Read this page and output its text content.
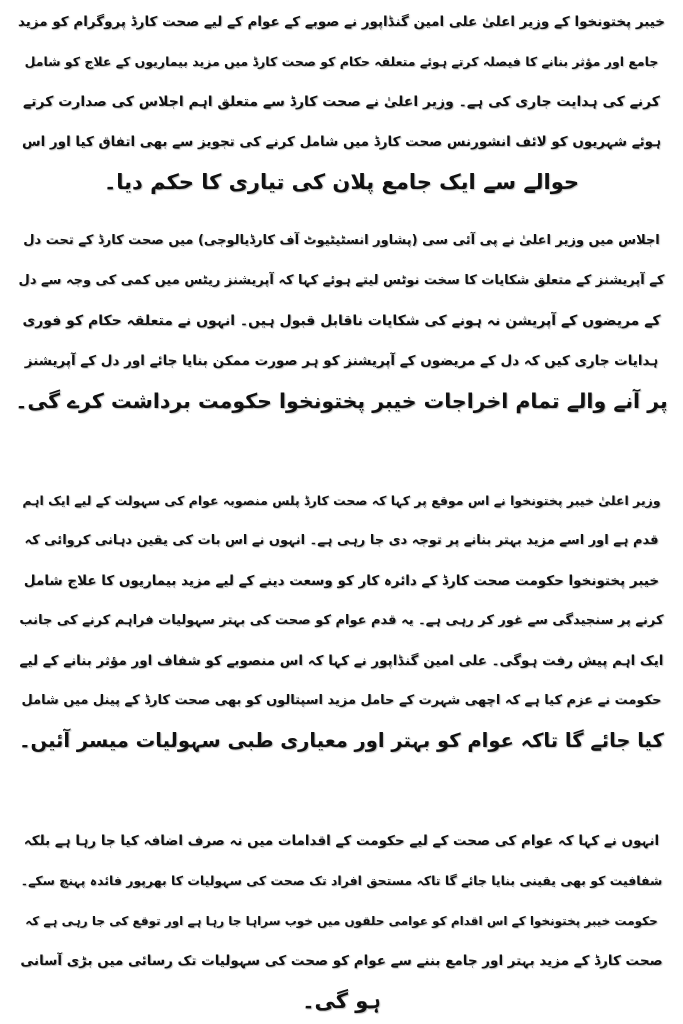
خیبر پختونخوا کے وزیر اعلیٰ علی امین گنڈاپور نے صوبے کے عوام کے لیے صحت کارڈ پروگرام کو مزید
جامع اور مؤثر بنانے کا فیصلہ کرتے ہوئے متعلقہ حکام کو صحت کارڈ میں مزید بیماریوں کے علاج کو شامل
کرنے کی ہدایت جاری کی ہے۔ وزیر اعلیٰ نے صحت کارڈ سے متعلق اہم اجلاس کی صدارت کرتے
ہوئے شہریوں کو لائف انشورنس صحت کارڈ میں شامل کرنے کی تجویز سے بھی اتفاق کیا اور اس
حوالے سے ایک جامع پلان کی تیاری کا حکم دیا۔
اجلاس میں وزیر اعلیٰ نے پی آئی سی (پشاور انسٹیٹیوٹ آف کارڈیالوجی) میں صحت کارڈ کے تحت دل
کے آپریشنز کے متعلق شکایات کا سخت نوٹس لیتے ہوئے کہا کہ آپریشنز ریٹس میں کمی کی وجہ سے دل
کے مریضوں کے آپریشن نہ ہونے کی شکایات ناقابل قبول ہیں۔ انہوں نے متعلقہ حکام کو فوری
ہدایات جاری کیں کہ دل کے مریضوں کے آپریشنز کو ہر صورت ممکن بنایا جائے اور دل کے آپریشنز
پر آنے والے تمام اخراجات خیبر پختونخوا حکومت برداشت کرے گی۔
وزیر اعلیٰ خیبر پختونخوا نے اس موقع پر کہا کہ صحت کارڈ پلس منصوبہ عوام کی سہولت کے لیے ایک اہم
قدم ہے اور اسے مزید بہتر بنانے پر توجہ دی جا رہی ہے۔ انہوں نے اس بات کی یقین دہانی کروائی کہ
خیبر پختونخوا حکومت صحت کارڈ کے دائرہ کار کو وسعت دینے کے لیے مزید بیماریوں کا علاج شامل
کرنے پر سنجیدگی سے غور کر رہی ہے۔ یہ قدم عوام کو صحت کی بہتر سہولیات فراہم کرنے کی جانب
ایک اہم پیش رفت ہوگی۔ علی امین گنڈاپور نے کہا کہ اس منصوبے کو شفاف اور مؤثر بنانے کے لیے
حکومت نے عزم کیا ہے کہ اچھی شہرت کے حامل مزید اسپتالوں کو بھی صحت کارڈ کے پینل میں شامل
کیا جائے گا تاکہ عوام کو بہتر اور معیاری طبی سہولیات میسر آئیں۔
انہوں نے کہا کہ عوام کی صحت کے لیے حکومت کے اقدامات میں نہ صرف اضافہ کیا جا رہا ہے بلکہ
شفافیت کو بھی یقینی بنایا جائے گا تاکہ مستحق افراد تک صحت کی سہولیات کا بھرپور فائدہ پہنچ سکے۔
حکومت خیبر پختونخوا کے اس اقدام کو عوامی حلقوں میں خوب سراہا جا رہا ہے اور توقع کی جا رہی ہے کہ
صحت کارڈ کے مزید بہتر اور جامع بننے سے عوام کو صحت کی سہولیات تک رسائی میں بڑی آسانی
ہو گی۔
